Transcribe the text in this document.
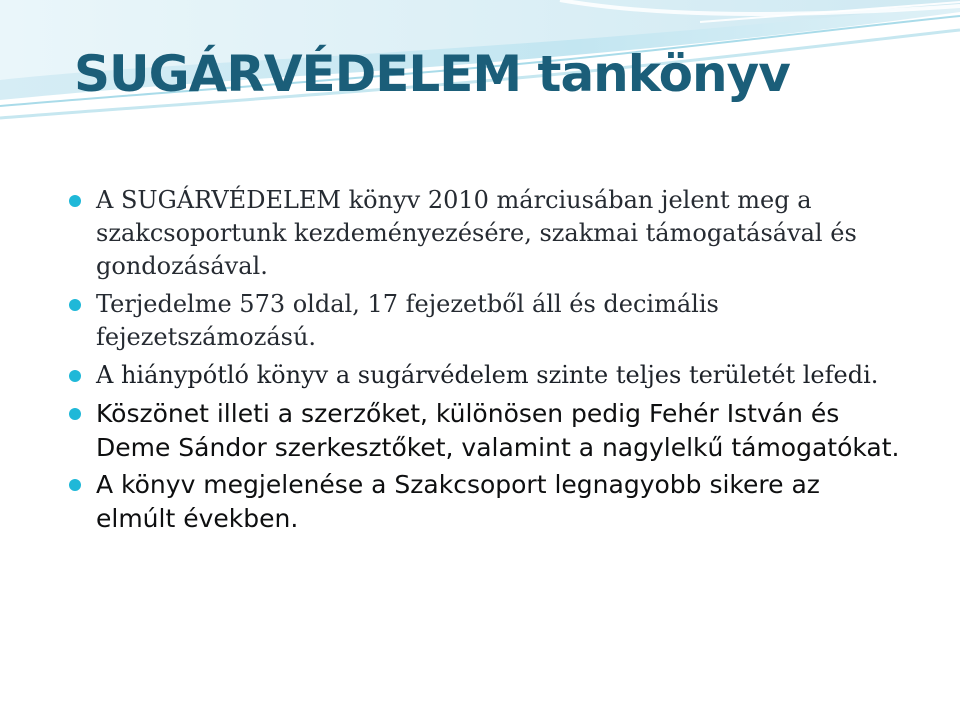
SUGÁRVÉDELEM tankönyv
A SUGÁRVÉDELEM könyv 2010 márciusában jelent meg a szakcsoportunk kezdeményezésére, szakmai támogatásával és gondozásával.
Terjedelme 573 oldal, 17 fejezetből áll és decimális fejezetszámozású.
A hiánypótló könyv a sugárvédelem szinte teljes területét lefedi.
Köszönet illeti a szerzőket, különösen pedig Fehér István és Deme Sándor szerkesztőket, valamint a nagylelkű támogatókat.
A könyv megjelenése a Szakcsoport legnagyobb sikere az elmúlt években.
